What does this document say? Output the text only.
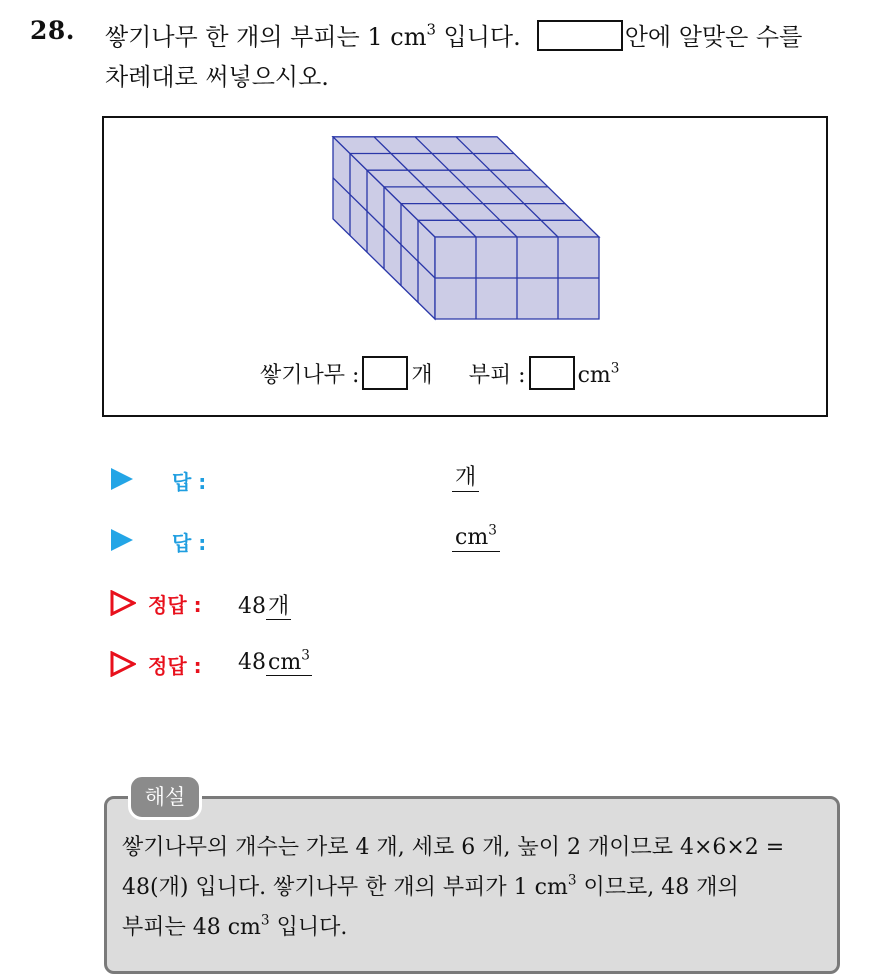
28. 쌓기나무 한 개의 부피는 1 $cm^3$ 입니다.	안에 알맞은 수를
차례대로 써넣으시오.
쌓기나무 : 개 부피 : $cm^3$
답 :	개
답 :	$cm^3$
정답 : 48개
정답 : $48cm^3$
해설
쌓기나무의 개수는 가로 4 개, 세로 6 개, 높이 2 개이므로 4×6×2 =
48(개) 입니다. 쌓기나무 한 개의 부피가 1 $cm^3$ 이므로, 48 개의
부피는 48 $cm^3$ 입니다.
